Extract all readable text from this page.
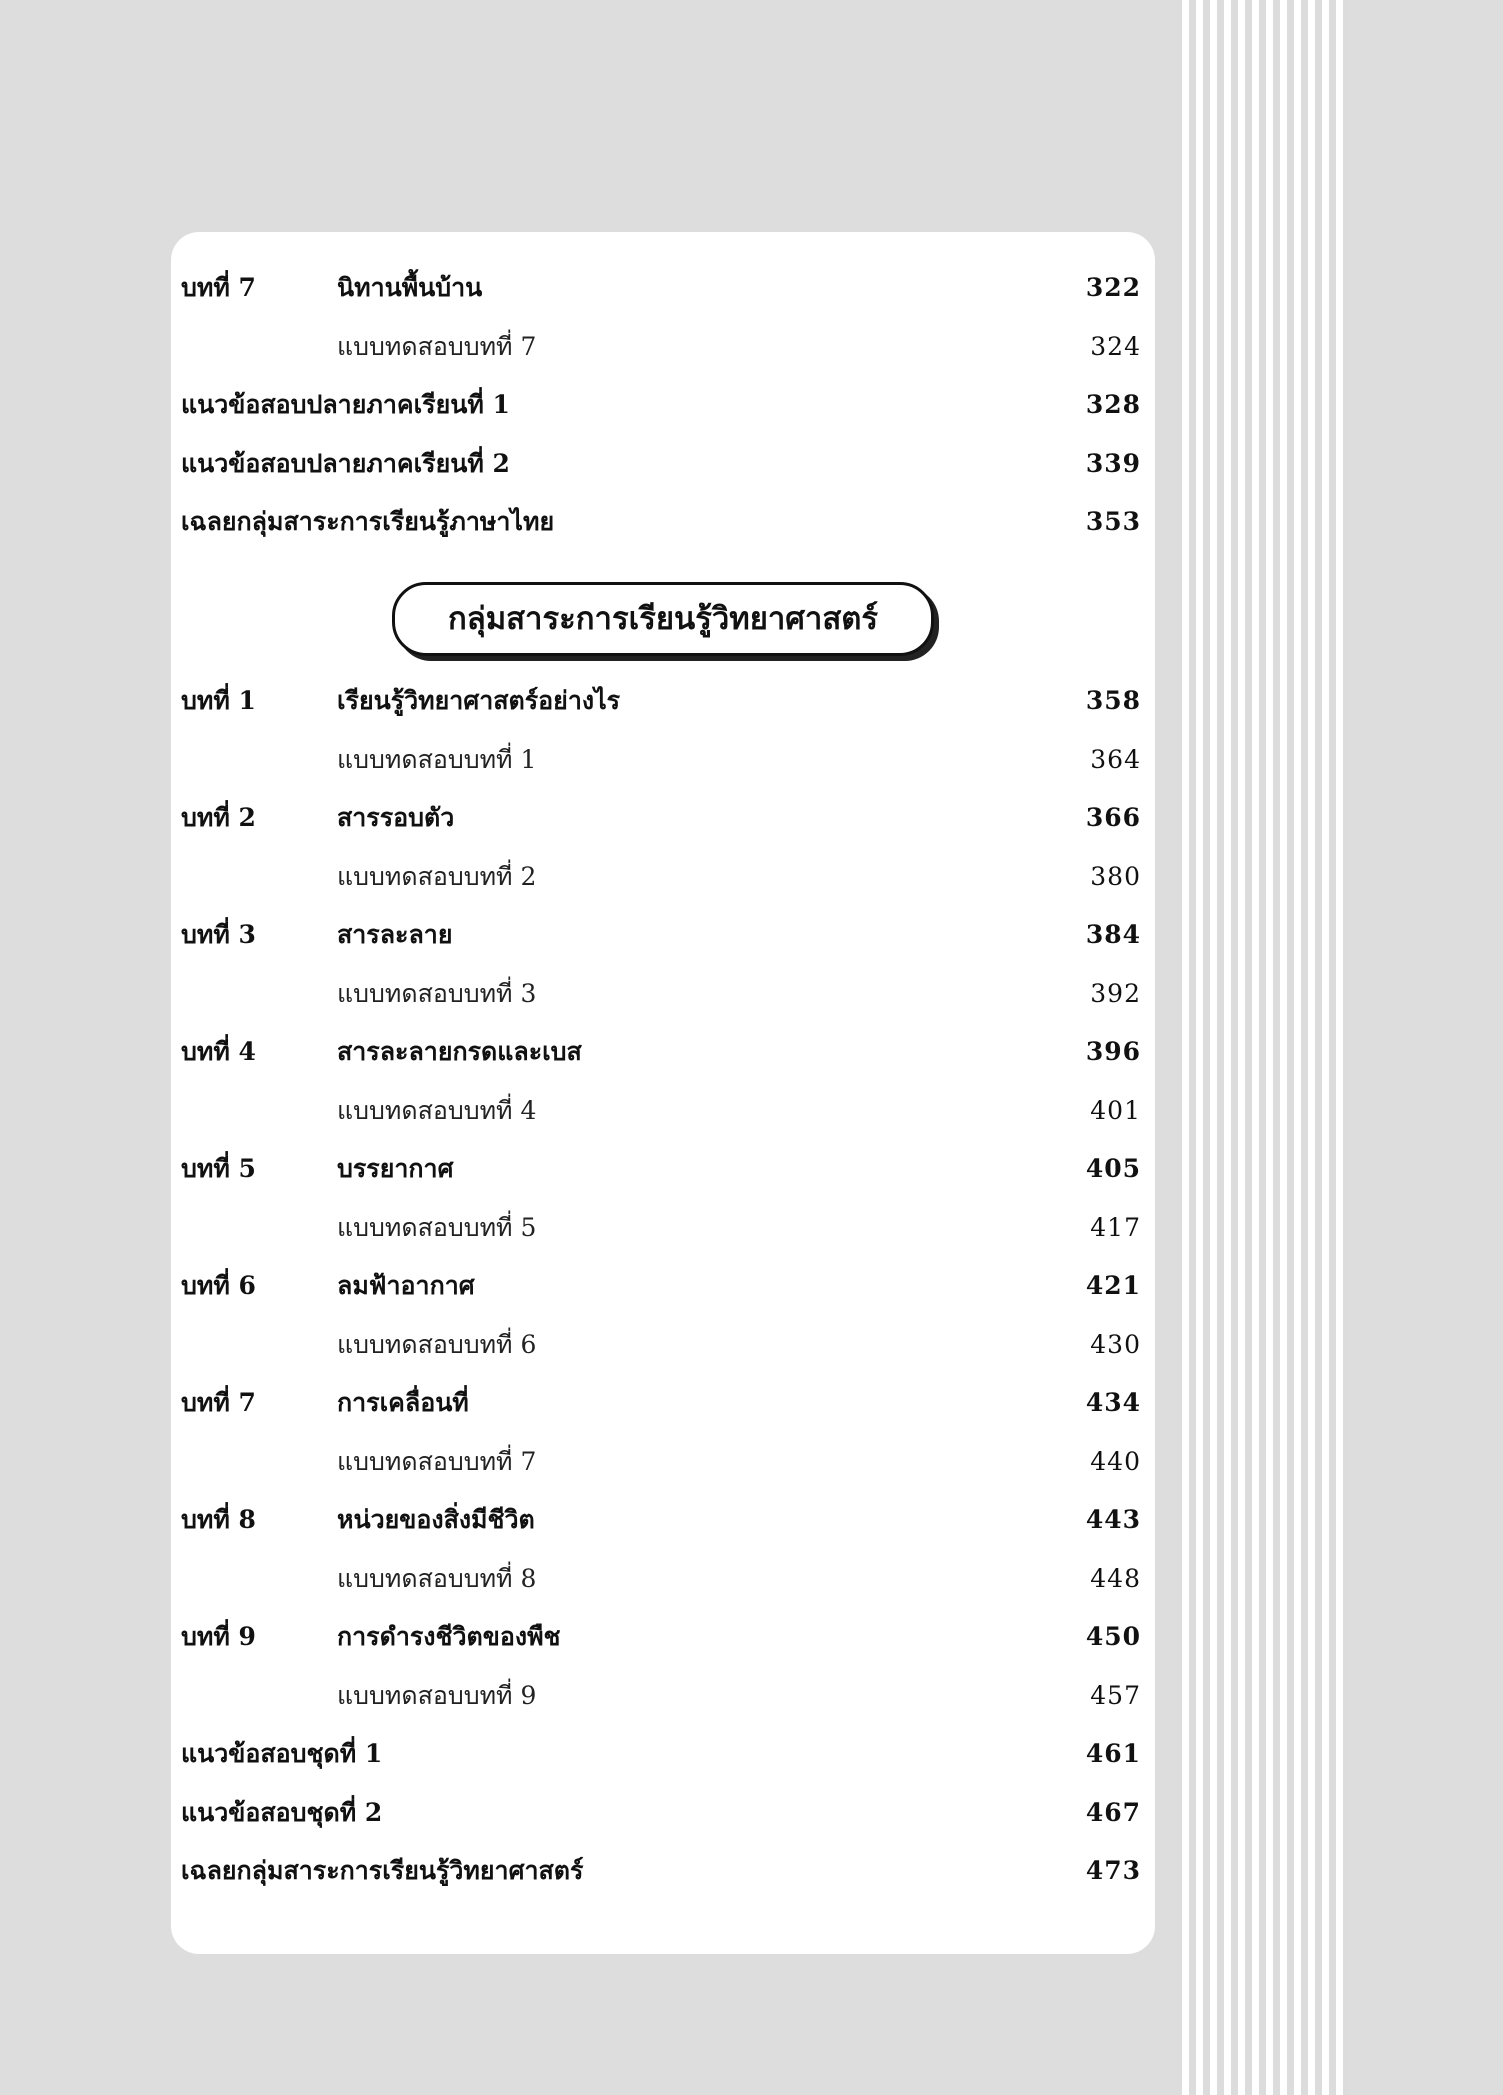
บทที่ 7	นิทานพื้นบ้าน	322
แบบทดสอบบทที่ 7	324
แนวข้อสอบปลายภาคเรียนที่ 1	328
แนวข้อสอบปลายภาคเรียนที่ 2	339
เฉลยกลุ่มสาระการเรียนรู้ภาษาไทย	353
กลุ่มสาระการเรียนรู้วิทยาศาสตร์
บทที่ 1	เรียนรู้วิทยาศาสตร์อย่างไร	358
แบบทดสอบบทที่ 1	364
บทที่ 2	สารรอบตัว	366
แบบทดสอบบทที่ 2	380
บทที่ 3	สารละลาย	384
แบบทดสอบบทที่ 3	392
บทที่ 4	สารละลายกรดและเบส	396
แบบทดสอบบทที่ 4	401
บทที่ 5	บรรยากาศ	405
แบบทดสอบบทที่ 5	417
บทที่ 6	ลมฟ้าอากาศ	421
แบบทดสอบบทที่ 6	430
บทที่ 7	การเคลื่อนที่	434
แบบทดสอบบทที่ 7	440
บทที่ 8	หน่วยของสิ่งมีชีวิต	443
แบบทดสอบบทที่ 8	448
บทที่ 9	การดำรงชีวิตของพืช	450
แบบทดสอบบทที่ 9	457
แนวข้อสอบชุดที่ 1	461
แนวข้อสอบชุดที่ 2	467
เฉลยกลุ่มสาระการเรียนรู้วิทยาศาสตร์	473
